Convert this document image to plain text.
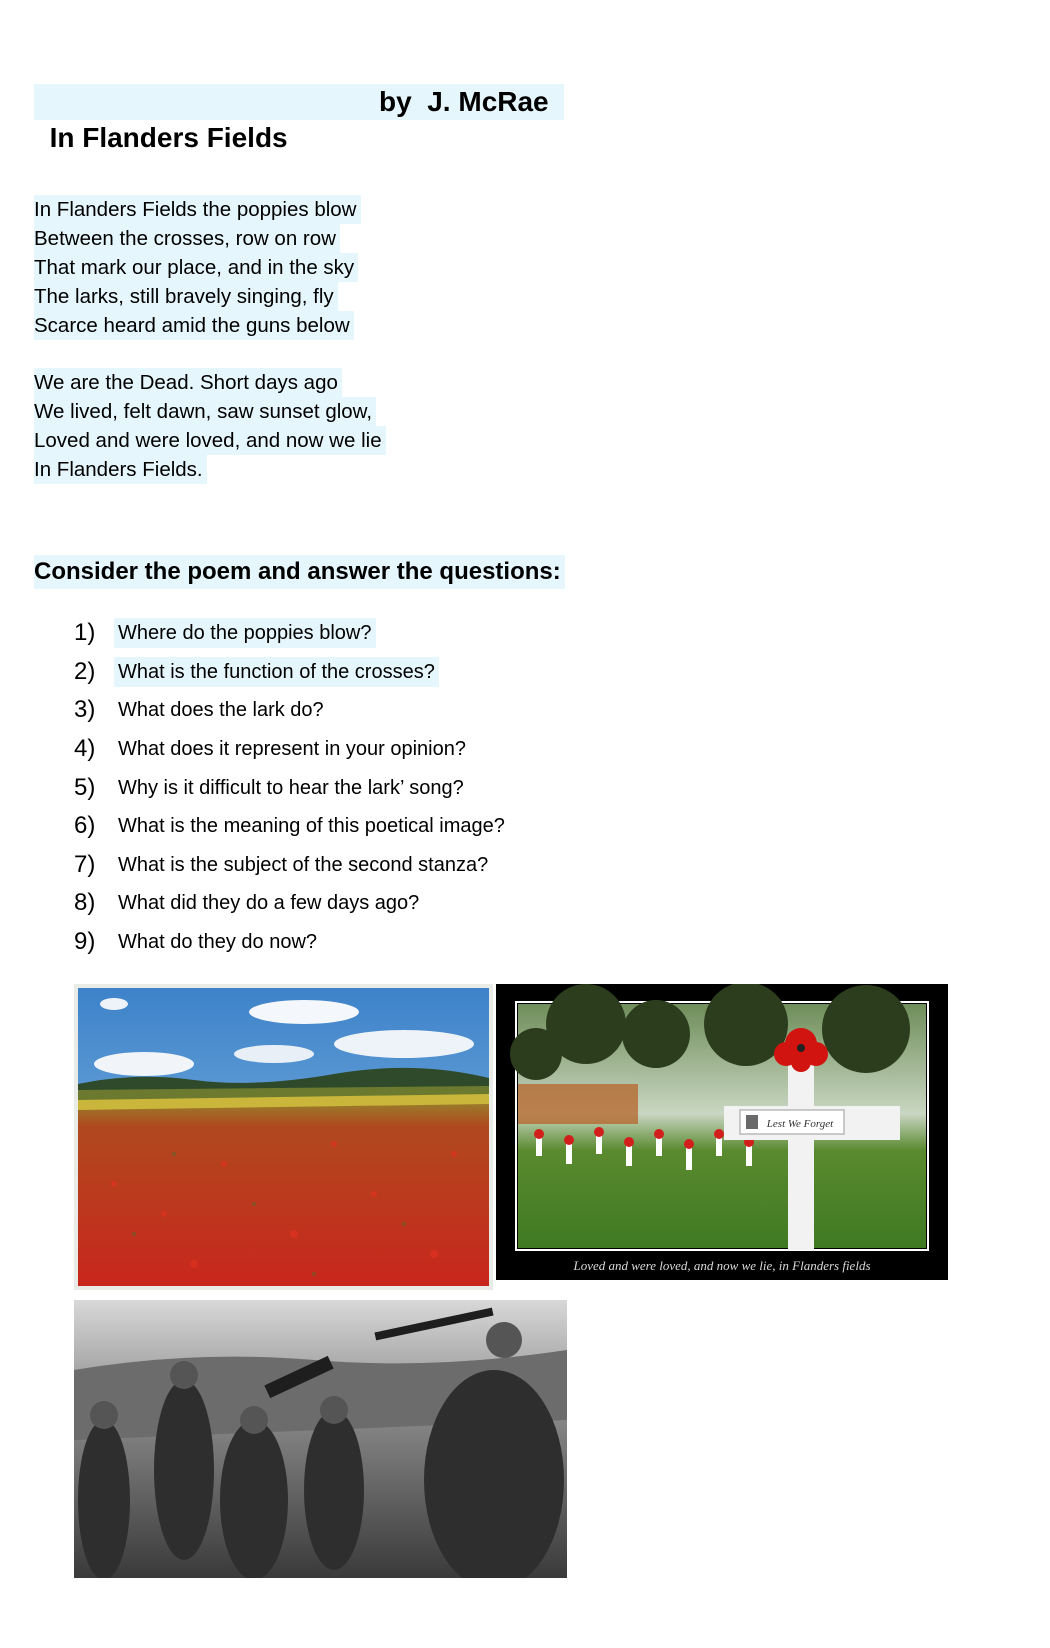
In Flanders Fields

by  J. McRae

In Flanders Fields the poppies blow
Between the crosses, row on row
That mark our place, and in the sky
The larks, still bravely singing, fly
Scarce heard amid the guns below
We are the Dead. Short days ago
We lived, felt dawn, saw sunset glow,
Loved and were loved, and now we lie
In Flanders Fields.
Consider the poem and answer the questions:
1)	Where do the poppies blow?
2)	What is the function of the crosses?
3)	What does the lark do?
4)	What does it represent in your opinion?
5)	Why is it difficult to hear the lark’ song?
6)	What is the meaning of this poetical image?
7)	What is the subject of the second stanza?
8)	What did they do a few days ago?
9)	What do they do now?
Lest We Forget
Loved and were loved, and now we lie, in Flanders fields
